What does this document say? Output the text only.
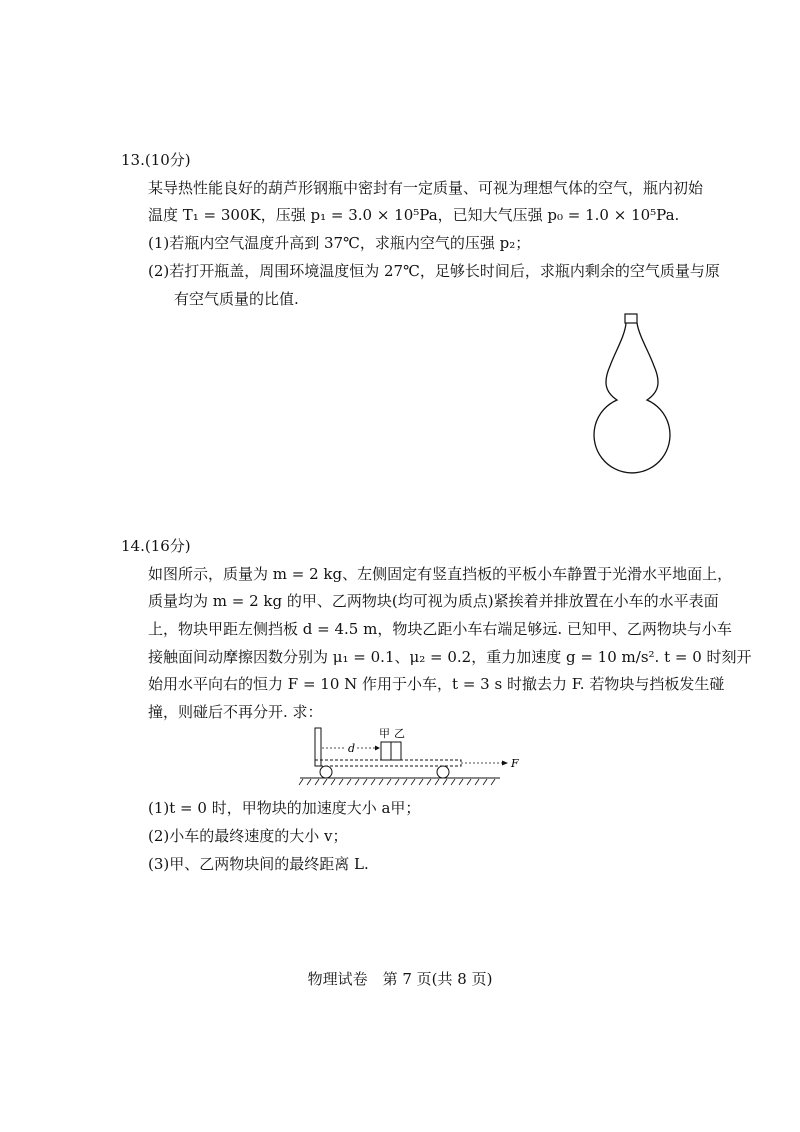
13.(10分)
某导热性能良好的葫芦形钢瓶中密封有一定质量、可视为理想气体的空气，瓶内初始
温度 T₁ = 300K，压强 p₁ = 3.0 × 10⁵Pa，已知大气压强 p₀ = 1.0 × 10⁵Pa.
(1)若瓶内空气温度升高到 37℃，求瓶内空气的压强 p₂；
(2)若打开瓶盖，周围环境温度恒为 27℃，足够长时间后，求瓶内剩余的空气质量与原
有空气质量的比值.
14.(16分)
如图所示，质量为 m = 2 kg、左侧固定有竖直挡板的平板小车静置于光滑水平地面上，
质量均为 m = 2 kg 的甲、乙两物块(均可视为质点)紧挨着并排放置在小车的水平表面
上，物块甲距左侧挡板 d = 4.5 m，物块乙距小车右端足够远. 已知甲、乙两物块与小车
接触面间动摩擦因数分别为 μ₁ = 0.1、μ₂ = 0.2，重力加速度 g = 10 m/s². t = 0 时刻开
始用水平向右的恒力 F = 10 N 作用于小车，t = 3 s 时撤去力 F. 若物块与挡板发生碰
撞，则碰后不再分开. 求：
甲 乙
d
F
(1)t = 0 时，甲物块的加速度大小 a甲；
(2)小车的最终速度的大小 v；
(3)甲、乙两物块间的最终距离 L.
物理试卷　第 7 页(共 8 页)
